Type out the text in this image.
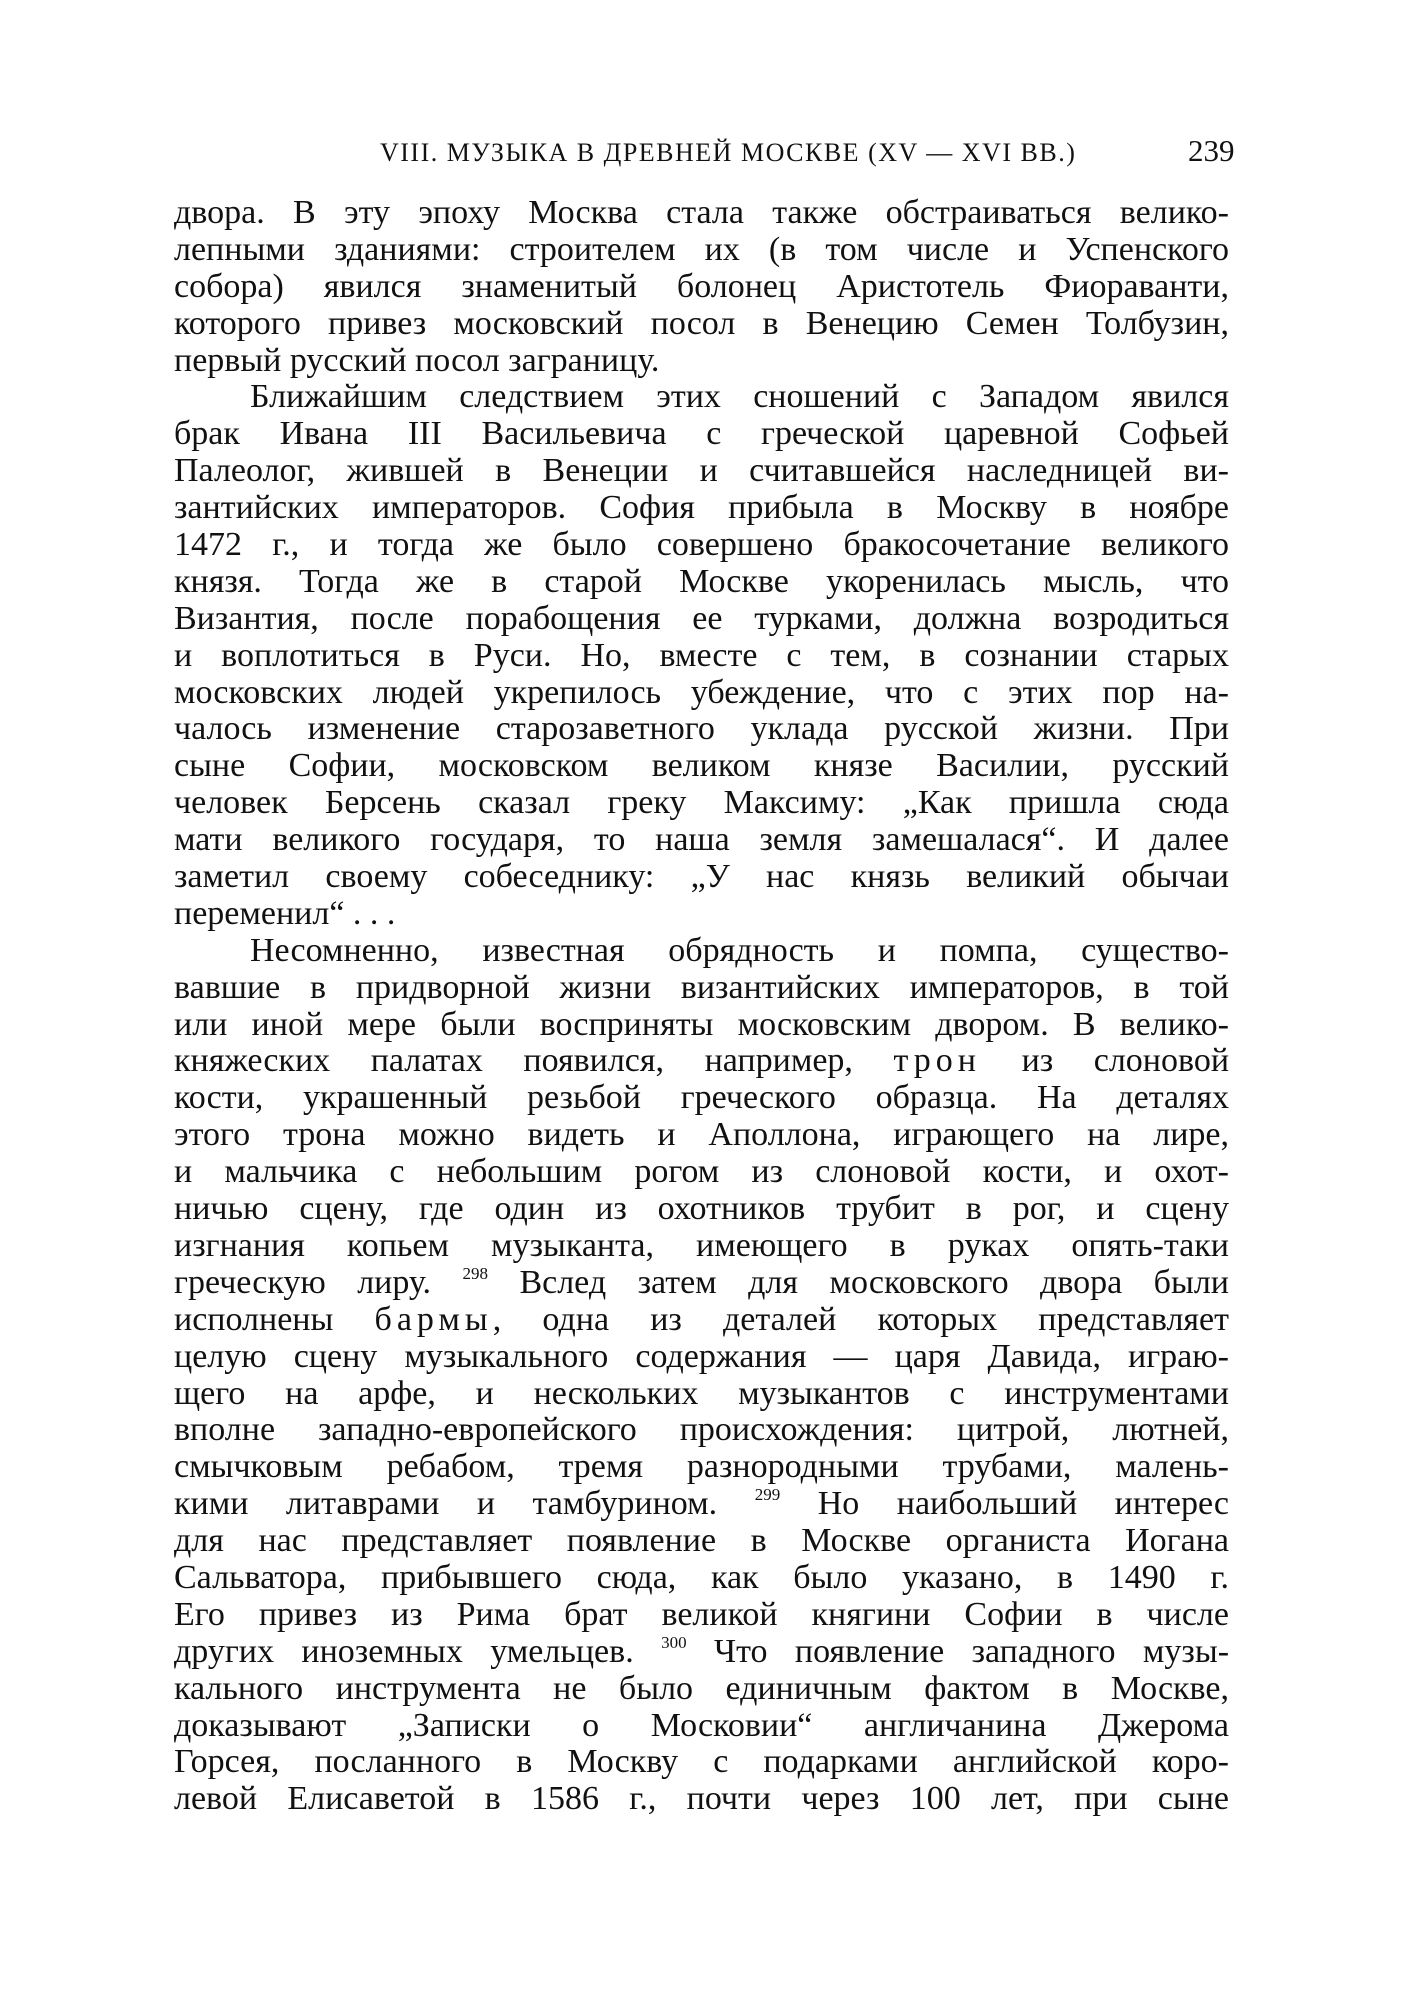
VIII. МУЗЫКА В ДРЕВНЕЙ МОСКВЕ (XV — XVI ВВ.)	239
двора. В эту эпоху Москва стала также обстраиваться велико-
лепными зданиями: строителем их (в том числе и Успенского
собора) явился знаменитый болонец Аристотель Фиораванти,
которого привез московский посол в Венецию Семен Толбузин,
первый русский посол заграницу.
Ближайшим следствием этих сношений с Западом явился
брак Ивана III Васильевича с греческой царевной Софьей
Палеолог, жившей в Венеции и считавшейся наследницей ви-
зантийских императоров. София прибыла в Москву в ноябре
1472 г., и тогда же было совершено бракосочетание великого
князя. Тогда же в старой Москве укоренилась мысль, что
Византия, после порабощения ее турками, должна возродиться
и воплотиться в Руси. Но, вместе с тем, в сознании старых
московских людей укрепилось убеждение, что с этих пор на-
чалось изменение старозаветного уклада русской жизни. При
сыне Софии, московском великом князе Василии, русский
человек Берсень сказал греку Максиму: „Как пришла сюда
мати великого государя, то наша земля замешалася“. И далее
заметил своему собеседнику: „У нас князь великий обычаи
переменил“ . . .
Несомненно, известная обрядность и помпа, существо-
вавшие в придворной жизни византийских императоров, в той
или иной мере были восприняты московским двором. В велико-
княжеских палатах появился, например, трон из слоновой
кости, украшенный резьбой греческого образца. На деталях
этого трона можно видеть и Аполлона, играющего на лире,
и мальчика с небольшим рогом из слоновой кости, и охот-
ничью сцену, где один из охотников трубит в рог, и сцену
изгнания копьем музыканта, имеющего в руках опять-таки
греческую лиру. $^{298}$ Вслед затем для московского двора были
исполнены бармы, одна из деталей которых представляет
целую сцену музыкального содержания — царя Давида, играю-
щего на арфе, и нескольких музыкантов с инструментами
вполне западно-европейского происхождения: цитрой, лютней,
смычковым ребабом, тремя разнородными трубами, малень-
кими литаврами и тамбурином. $^{299}$ Но наибольший интерес
для нас представляет появление в Москве органиста Иогана
Сальватора, прибывшего сюда, как было указано, в 1490 г.
Его привез из Рима брат великой княгини Софии в числе
других иноземных умельцев. $^{300}$ Что появление западного музы-
кального инструмента не было единичным фактом в Москве,
доказывают „Записки о Московии“ англичанина Джерома
Горсея, посланного в Москву с подарками английской коро-
левой Елисаветой в 1586 г., почти через 100 лет, при сыне
